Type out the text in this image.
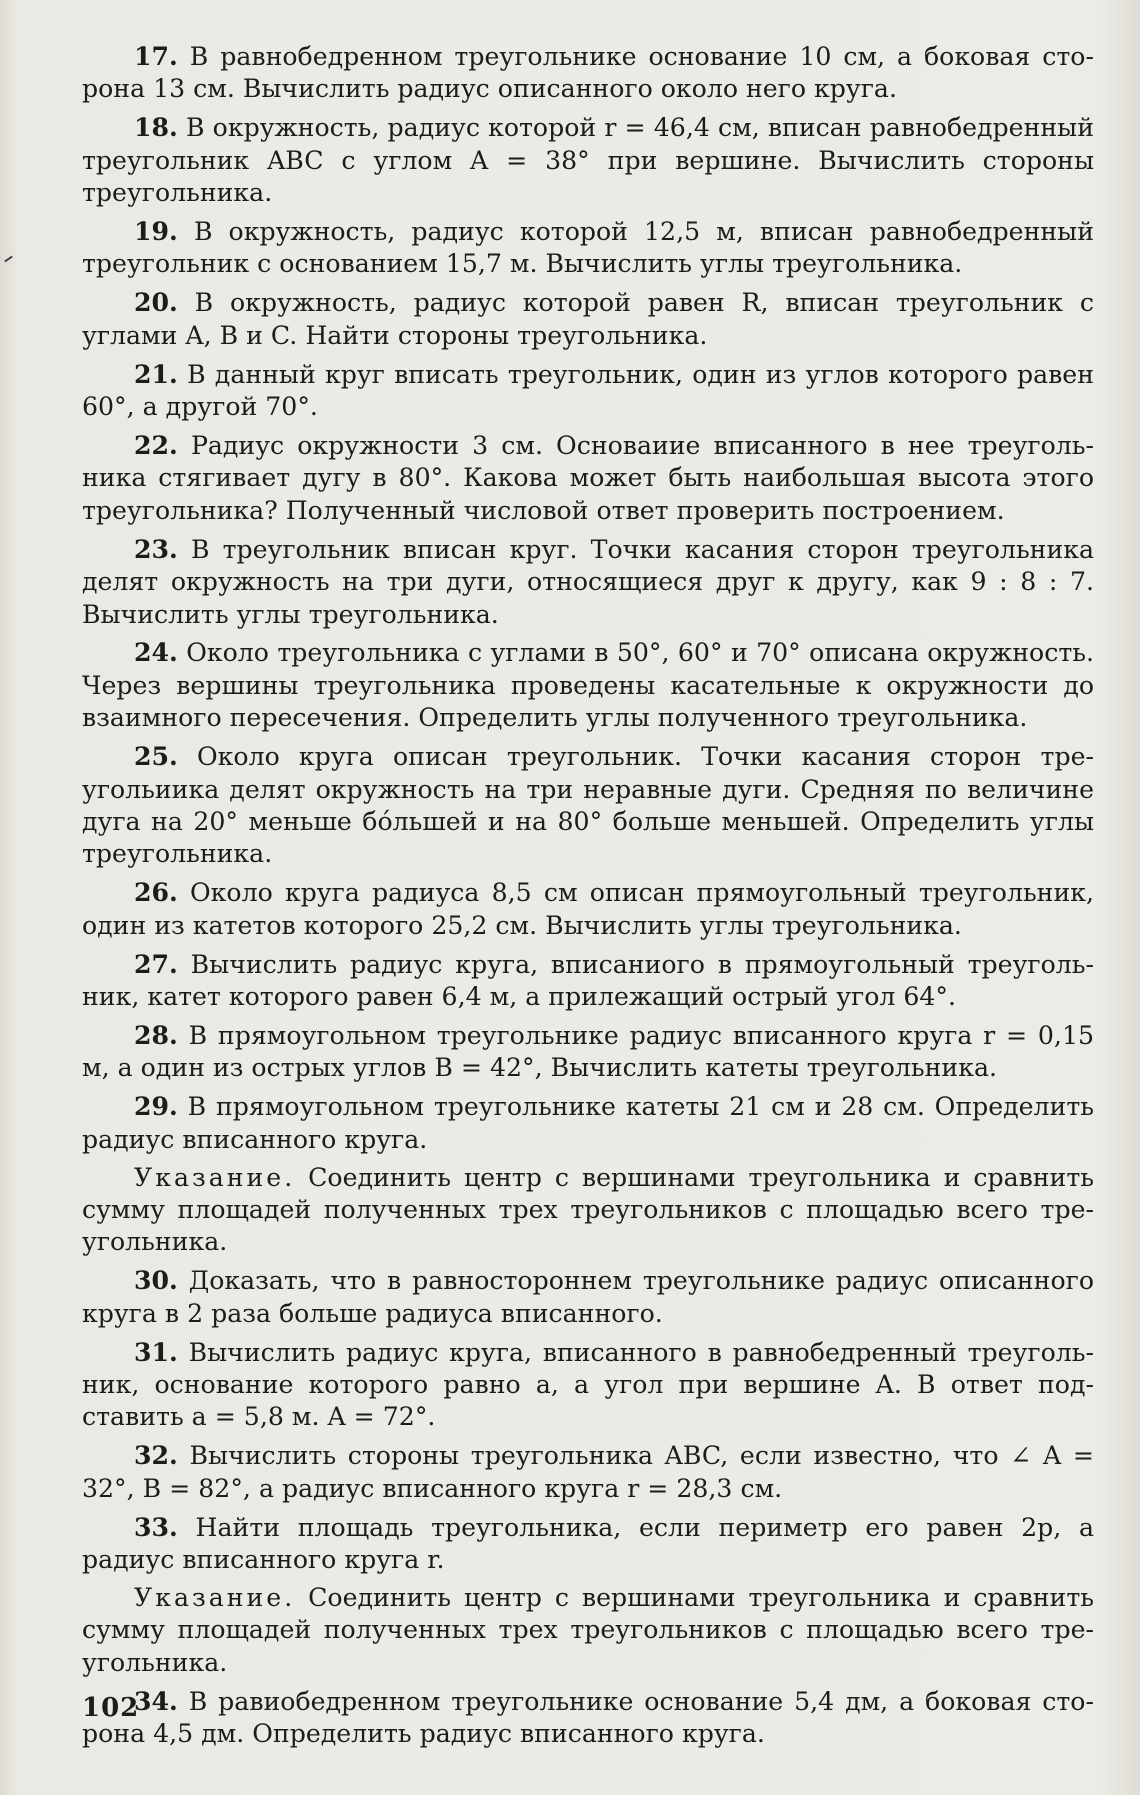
17. В равнобедренном треугольнике основание 10 см, а боковая сторона 13 см. Вычислить радиус описанного около него круга.

18. В окружность, радиус которой r = 46,4 см, вписан равнобедренный треугольник ABC с углом A = 38° при вершине. Вычислить стороны треугольника.

19. В окружность, радиус которой 12,5 м, вписан равнобедренный треугольник с основанием 15,7 м. Вычислить углы треугольника.

20. В окружность, радиус которой равен R, вписан треугольник с углами A, B и C. Найти стороны треугольника.

21. В данный круг вписать треугольник, один из углов которого равен 60°, а другой 70°.

22. Радиус окружности 3 см. Основаиие вписанного в нее треугольника стягивает дугу в 80°. Какова может быть наибольшая высота этого треугольника? Полученный числовой ответ проверить построением.

23. В треугольник вписан круг. Точки касания сторон треугольника делят окружность на три дуги, относящиеся друг к другу, как 9 : 8 : 7. Вычислить углы треугольника.

24. Около треугольника с углами в 50°, 60° и 70° описана окружность. Через вершины треугольника проведены касательные к окружности до взаимного пересечения. Определить углы полученного треугольника.

25. Около круга описан треугольник. Точки касания сторон треугольиика делят окружность на три неравные дуги. Средняя по величине дуга на 20° меньше бо́льшей и на 80° больше меньшей. Определить углы треугольника.

26. Около круга радиуса 8,5 см описан прямоугольный треугольник, один из катетов которого 25,2 см. Вычислить углы треугольника.

27. Вычислить радиус круга, вписаниого в прямоугольный треугольник, катет которого равен 6,4 м, а прилежащий острый угол 64°.

28. В прямоугольном треугольнике радиус вписанного круга r = 0,15 м, а один из острых углов B = 42°, Вычислить катеты треугольника.

29. В прямоугольном треугольнике катеты 21 см и 28 см. Определить радиус вписанного круга.

Указание. Соединить центр с вершинами треугольника и сравнить сумму площадей полученных трех треугольников с площадью всего треугольника.

30. Доказать, что в равностороннем треугольнике радиус описанного круга в 2 раза больше радиуса вписанного.

31. Вычислить радиус круга, вписанного в равнобедренный треугольник, основание которого равно a, а угол при вершине A. В ответ подставить a = 5,8 м. A = 72°.

32. Вычислить стороны треугольника ABC, если известно, что ∠ A = 32°, B = 82°, а радиус вписанного круга r = 28,3 см.

33. Найти площадь треугольника, если периметр его равен 2p, а радиус вписанного круга r.

Указание. Соединить центр с вершинами треугольника и сравнить сумму площадей полученных трех треугольников с площадью всего треугольника.

34. В равиобедренном треугольнике основание 5,4 дм, а боковая сторона 4,5 дм. Определить радиус вписанного круга.

102
